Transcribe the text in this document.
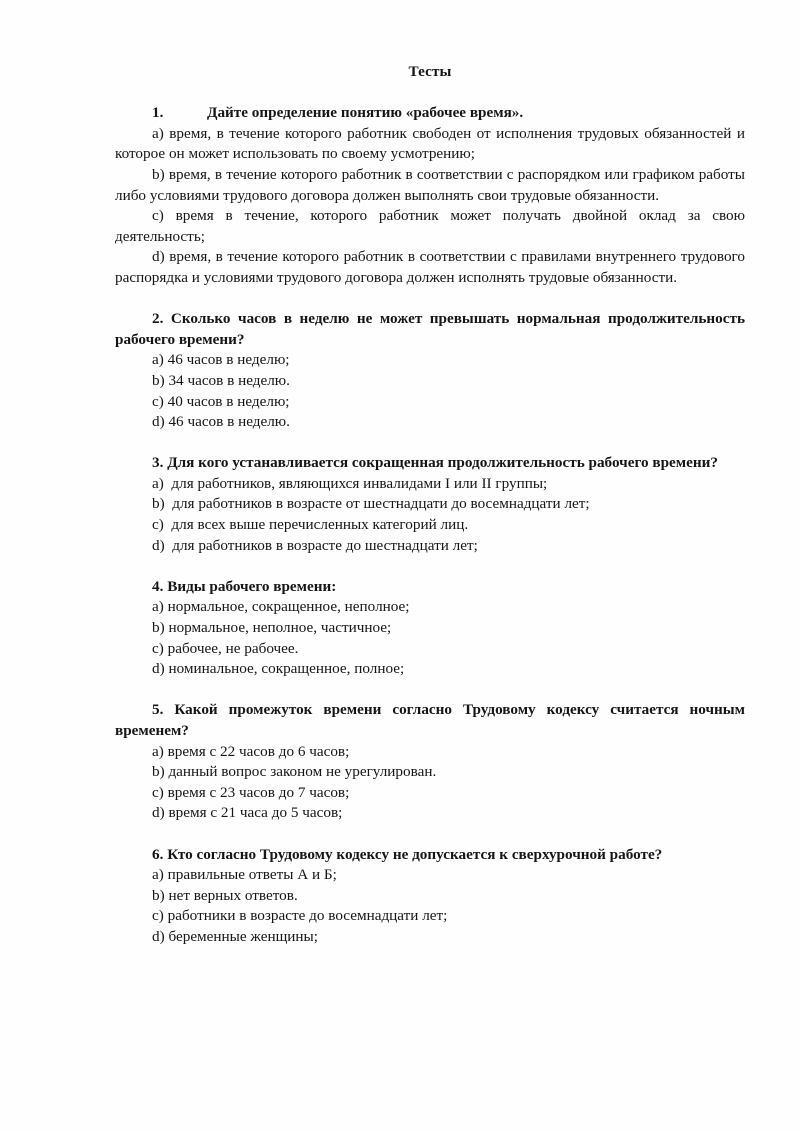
Тесты

1.	Дайте определение понятию «рабочее время».

a) время, в течение которого работник свободен от исполнения трудовых обязанностей и которое он может использовать по своему усмотрению;

b) время, в течение которого работник в соответствии с распорядком или графиком работы либо условиями трудового договора должен выполнять свои трудовые обязанности.

c) время в течение, которого работник может получать двойной оклад за свою деятельность;

d) время, в течение которого работник в соответствии с правилами внутреннего трудового распорядка и условиями трудового договора должен исполнять трудовые обязанности.

2. Сколько часов в неделю не может превышать нормальная продолжительность рабочего времени?

a) 46 часов в неделю;

b) 34 часов в неделю.

c) 40 часов в неделю;

d) 46 часов в неделю.

3. Для кого устанавливается сокращенная продолжительность рабочего времени?

a)  для работников, являющихся инвалидами I или II группы;

b)  для работников в возрасте от шестнадцати до восемнадцати лет;

c)  для всех выше перечисленных категорий лиц.

d)  для работников в возрасте до шестнадцати лет;

4. Виды рабочего времени:

a) нормальное, сокращенное, неполное;

b) нормальное, неполное, частичное;

c) рабочее, не рабочее.

d) номинальное, сокращенное, полное;

5. Какой промежуток времени согласно Трудовому кодексу считается ночным временем?

a) время с 22 часов до 6 часов;

b) данный вопрос законом не урегулирован.

c) время с 23 часов до 7 часов;

d) время с 21 часа до 5 часов;

6. Кто согласно Трудовому кодексу не допускается к сверхурочной работе?

a) правильные ответы А и Б;

b) нет верных ответов.

c) работники в возрасте до восемнадцати лет;

d) беременные женщины;
